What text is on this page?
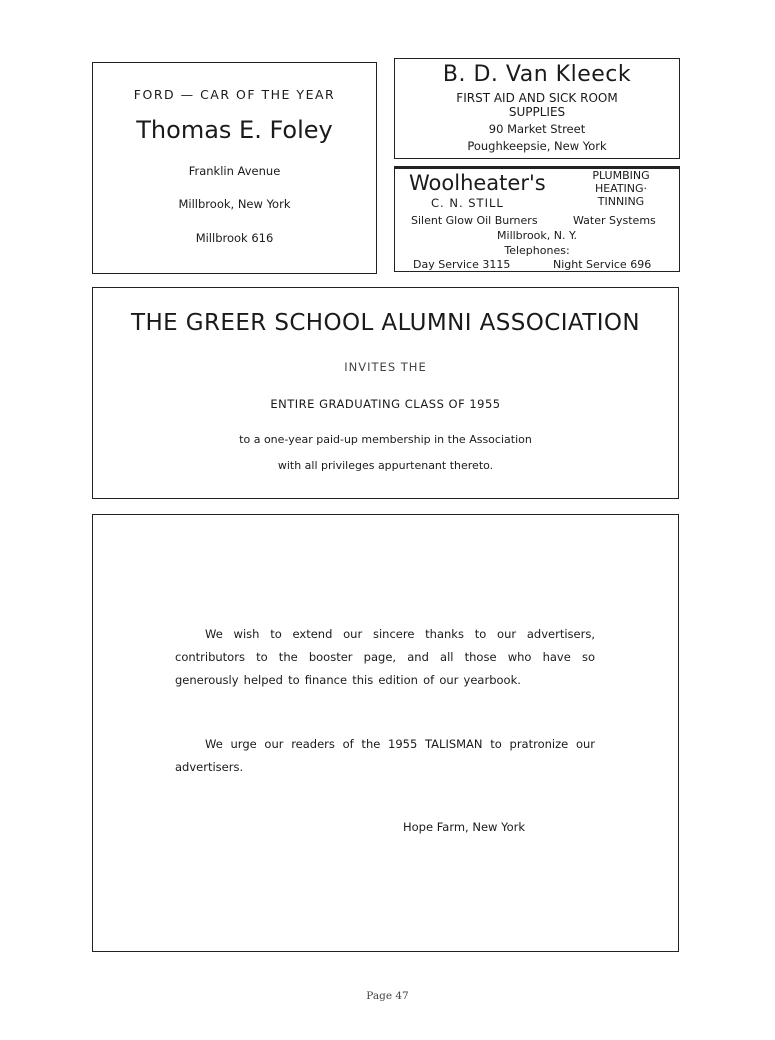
FORD — CAR OF THE YEAR
Thomas E. Foley
Franklin Avenue
Millbrook, New York
Millbrook 616
B. D. Van Kleeck
FIRST AID AND SICK ROOM
SUPPLIES
90 Market Street
Poughkeepsie, New York
Woolheater's
C. N. STILL
PLUMBING
HEATING·
TINNING
Silent Glow Oil Burners	Water Systems
Millbrook, N. Y.
Telephones:
Day Service 3115	Night Service 696
THE GREER SCHOOL ALUMNI ASSOCIATION
INVITES THE
ENTIRE GRADUATING CLASS OF 1955
to a one-year paid-up membership in the Association
with all privileges appurtenant thereto.

We wish to extend our sincere thanks to our advertisers, contributors to the booster page, and all those who have so generously helped to finance this edition of our yearbook.

We urge our readers of the 1955 TALISMAN to pratronize our advertisers.

Hope Farm, New York
Page 47
